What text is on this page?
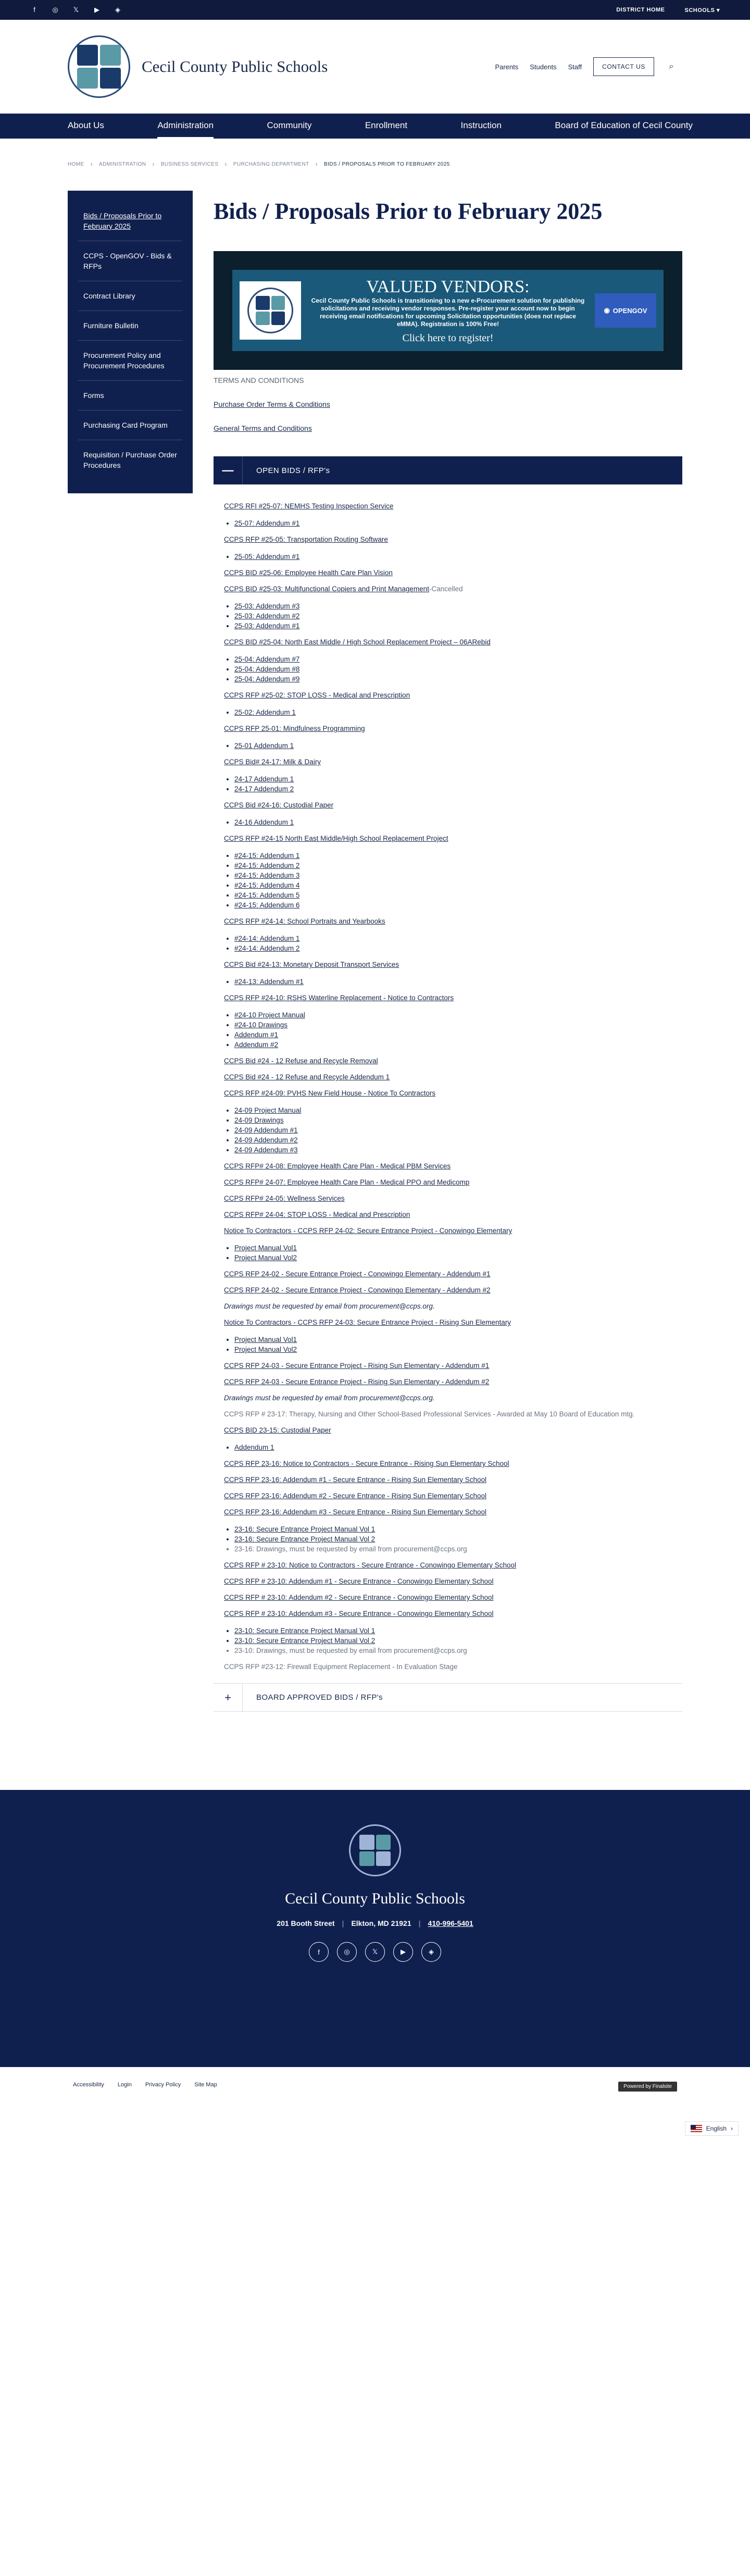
f	◎ 𝕏 ▶ ◈	DISTRICT HOME	SCHOOLS ▾
Cecil County Public Schools	Parents Students Staff	CONTACT US	⌕
About Us	Administration	Community	Enrollment	Instruction	Board of Education of Cecil County
HOME › ADMINISTRATION › BUSINESS SERVICES › PURCHASING DEPARTMENT › BIDS / PROPOSALS PRIOR TO FEBRUARY 2025
Bids / Proposals Prior to February 2025
CCPS - OpenGOV - Bids & RFPs
Contract Library
Furniture Bulletin
Procurement Policy and Procurement Procedures
Forms
Purchasing Card Program
Requisition / Purchase Order Procedures
Bids / Proposals Prior to February 2025
VALUED VENDORS:
Cecil County Public Schools is transitioning to a new e-Procurement solution for publishing solicitations and receiving vendor responses. Pre-register your account now to begin receiving email notifications for upcoming Solicitation opportunities (does not replace eMMA). Registration is 100% Free!
Click here to register!
◉ OPENGOV
TERMS AND CONDITIONS
Purchase Order Terms & Conditions
General Terms and Conditions
—	OPEN BIDS / RFP's

CCPS RFI #25-07: NEMHS Testing Inspection Service

• 25-07: Addendum #1

CCPS RFP #25-05: Transportation Routing Software

• 25-05: Addendum #1

CCPS BID #25-06: Employee Health Care Plan Vision

CCPS BID #25-03: Multifunctional Copiers and Print Management-Cancelled

• 25-03: Addendum #3
• 25-03: Addendum #2
• 25-03: Addendum #1

CCPS BID #25-04: North East Middle / High School Replacement Project – 06ARebid

• 25-04: Addendum #7
• 25-04: Addendum #8
• 25-04: Addendum #9

CCPS RFP #25-02: STOP LOSS - Medical and Prescription

• 25-02: Addendum 1

CCPS RFP 25-01: Mindfulness Programming

• 25-01 Addendum 1

CCPS Bid# 24-17: Milk & Dairy

• 24-17 Addendum 1
• 24-17 Addendum 2

CCPS Bid #24-16: Custodial Paper

• 24-16 Addendum 1

CCPS RFP #24-15 North East Middle/High School Replacement Project

• #24-15: Addendum 1
• #24-15: Addendum 2
• #24-15: Addendum 3
• #24-15: Addendum 4
• #24-15: Addendum 5
• #24-15: Addendum 6

CCPS RFP #24-14: School Portraits and Yearbooks

• #24-14: Addendum 1
• #24-14: Addendum 2

CCPS Bid #24-13: Monetary Deposit Transport Services

• #24-13: Addendum #1

CCPS RFP #24-10: RSHS Waterline Replacement - Notice to Contractors

• #24-10 Project Manual
• #24-10 Drawings
• Addendum #1
• Addendum #2

CCPS Bid #24 - 12 Refuse and Recycle Removal

CCPS Bid #24 - 12 Refuse and Recycle Addendum 1

CCPS RFP #24-09: PVHS New Field House - Notice To Contractors

• 24-09 Project Manual
• 24-09 Drawings
• 24-09 Addendum #1
• 24-09 Addendum #2
• 24-09 Addendum #3

CCPS RFP# 24-08: Employee Health Care Plan - Medical PBM Services

CCPS RFP# 24-07: Employee Health Care Plan - Medical PPO and Medicomp

CCPS RFP# 24-05: Wellness Services

CCPS RFP# 24-04: STOP LOSS - Medical and Prescription

Notice To Contractors - CCPS RFP 24-02: Secure Entrance Project - Conowingo Elementary

• Project Manual Vol1
• Project Manual Vol2

CCPS RFP 24-02 - Secure Entrance Project - Conowingo Elementary - Addendum #1

CCPS RFP 24-02 - Secure Entrance Project - Conowingo Elementary - Addendum #2

Drawings must be requested by email from procurement@ccps.org.

Notice To Contractors - CCPS RFP 24-03: Secure Entrance Project - Rising Sun Elementary

• Project Manual Vol1
• Project Manual Vol2

CCPS RFP 24-03 - Secure Entrance Project - Rising Sun Elementary - Addendum #1

CCPS RFP 24-03 - Secure Entrance Project - Rising Sun Elementary - Addendum #2

Drawings must be requested by email from procurement@ccps.org.

CCPS RFP # 23-17: Therapy, Nursing and Other School-Based Professional Services - Awarded at May 10 Board of Education mtg.

CCPS BID 23-15: Custodial Paper

• Addendum 1

CCPS RFP 23-16: Notice to Contractors - Secure Entrance - Rising Sun Elementary School

CCPS RFP 23-16: Addendum #1 - Secure Entrance - Rising Sun Elementary School

CCPS RFP 23-16: Addendum #2 - Secure Entrance - Rising Sun Elementary School

CCPS RFP 23-16: Addendum #3 - Secure Entrance - Rising Sun Elementary School

• 23-16: Secure Entrance Project Manual Vol 1
• 23-16: Secure Entrance Project Manual Vol 2
• 23-16: Drawings, must be requested by email from procurement@ccps.org

CCPS RFP # 23-10: Notice to Contractors - Secure Entrance - Conowingo Elementary School

CCPS RFP # 23-10: Addendum #1 - Secure Entrance - Conowingo Elementary School

CCPS RFP # 23-10: Addendum #2 - Secure Entrance - Conowingo Elementary School

CCPS RFP # 23-10: Addendum #3 - Secure Entrance - Conowingo Elementary School

• 23-10: Secure Entrance Project Manual Vol 1
• 23-10: Secure Entrance Project Manual Vol 2
• 23-10: Drawings, must be requested by email from procurement@ccps.org

CCPS RFP #23-12: Firewall Equipment Replacement - In Evaluation Stage

+	BOARD APPROVED BIDS / RFP's
Cecil County Public Schools
201 Booth Street | Elkton, MD 21921 | 410-996-5401
f	◎	𝕏	▶	◈
Accessibility Login Privacy Policy Site Map	Powered by Finalsite
English ›
